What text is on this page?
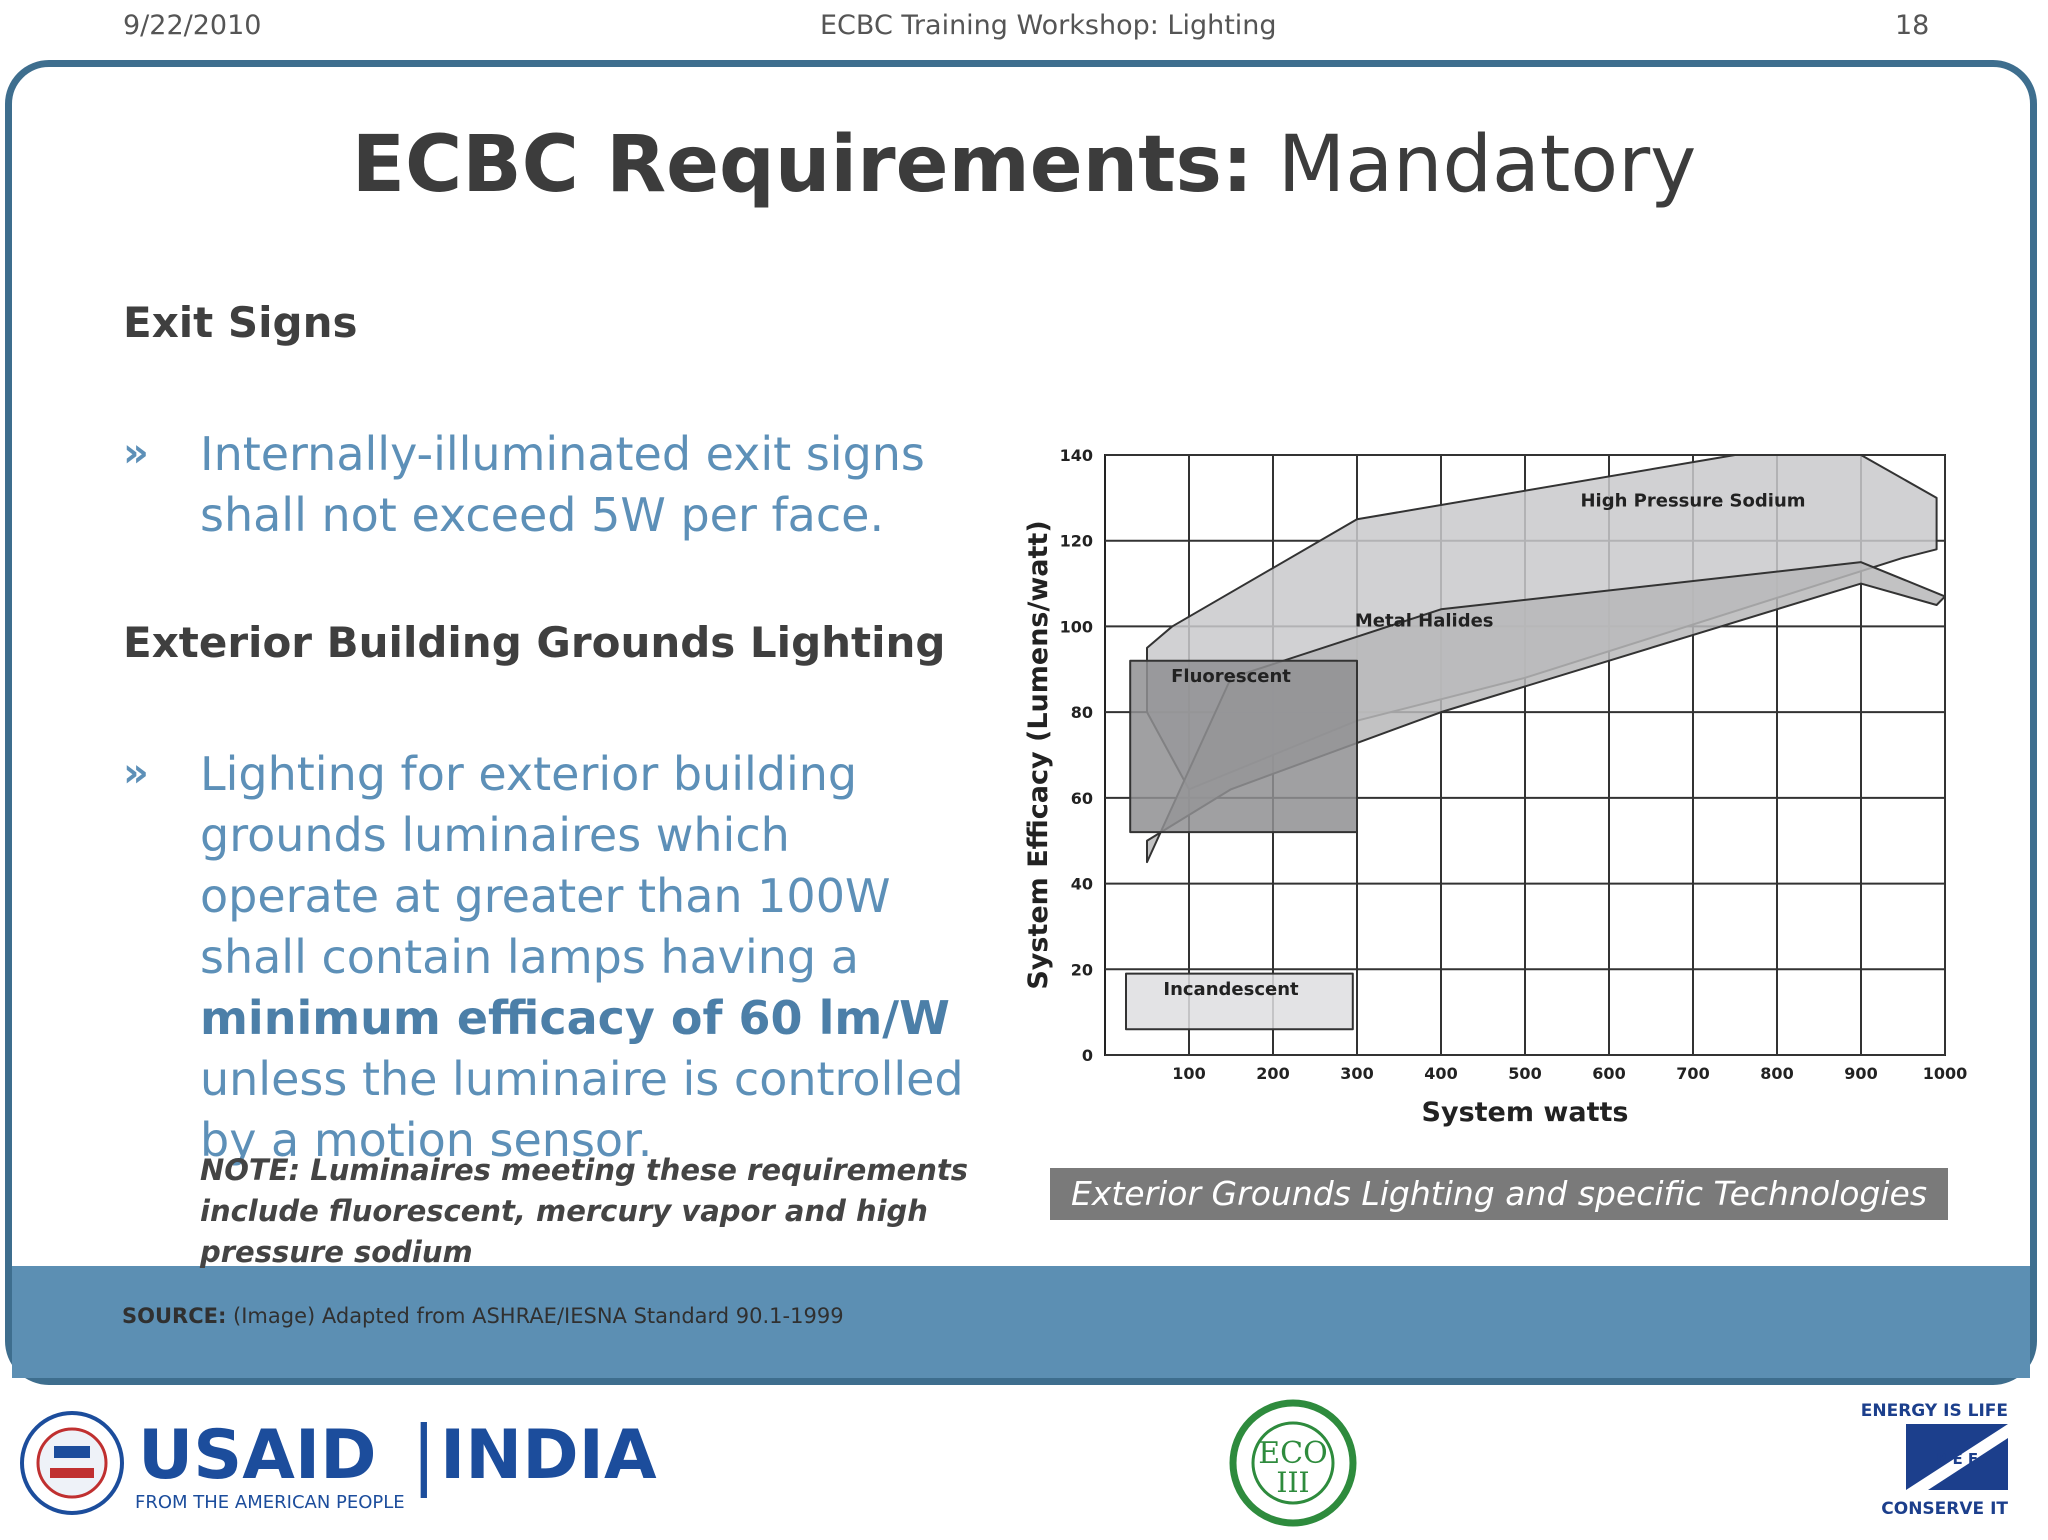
9/22/2010	ECBC Training Workshop: Lighting	18
SOURCE: (Image) Adapted from ASHRAE/IESNA Standard 90.1-1999
ECBC Requirements: Mandatory
Exit Signs
» Internally-illuminated exit signs shall not exceed 5W per face.
Exterior Building Grounds Lighting
» Lighting for exterior building grounds luminaires which operate at greater than 100W shall contain lamps having a minimum efficacy of 60 lm/W unless the luminaire is controlled by a motion sensor.
NOTE: Luminaires meeting these requirements include fluorescent, mercury vapor and high pressure sodium
High Pressure Sodium
Metal Halides
Fluorescent
Incandescent
100	200	300	400	500	600	700	800	900	1000
0
20
40
60
80
100
120
140
System watts
System Efficacy (Lumens/watt)
Exterior Grounds Lighting and specific Technologies
USAID
FROM THE AMERICAN PEOPLE
| INDIA	ECO
III
ENERGY IS LIFE
B E E
CONSERVE IT
